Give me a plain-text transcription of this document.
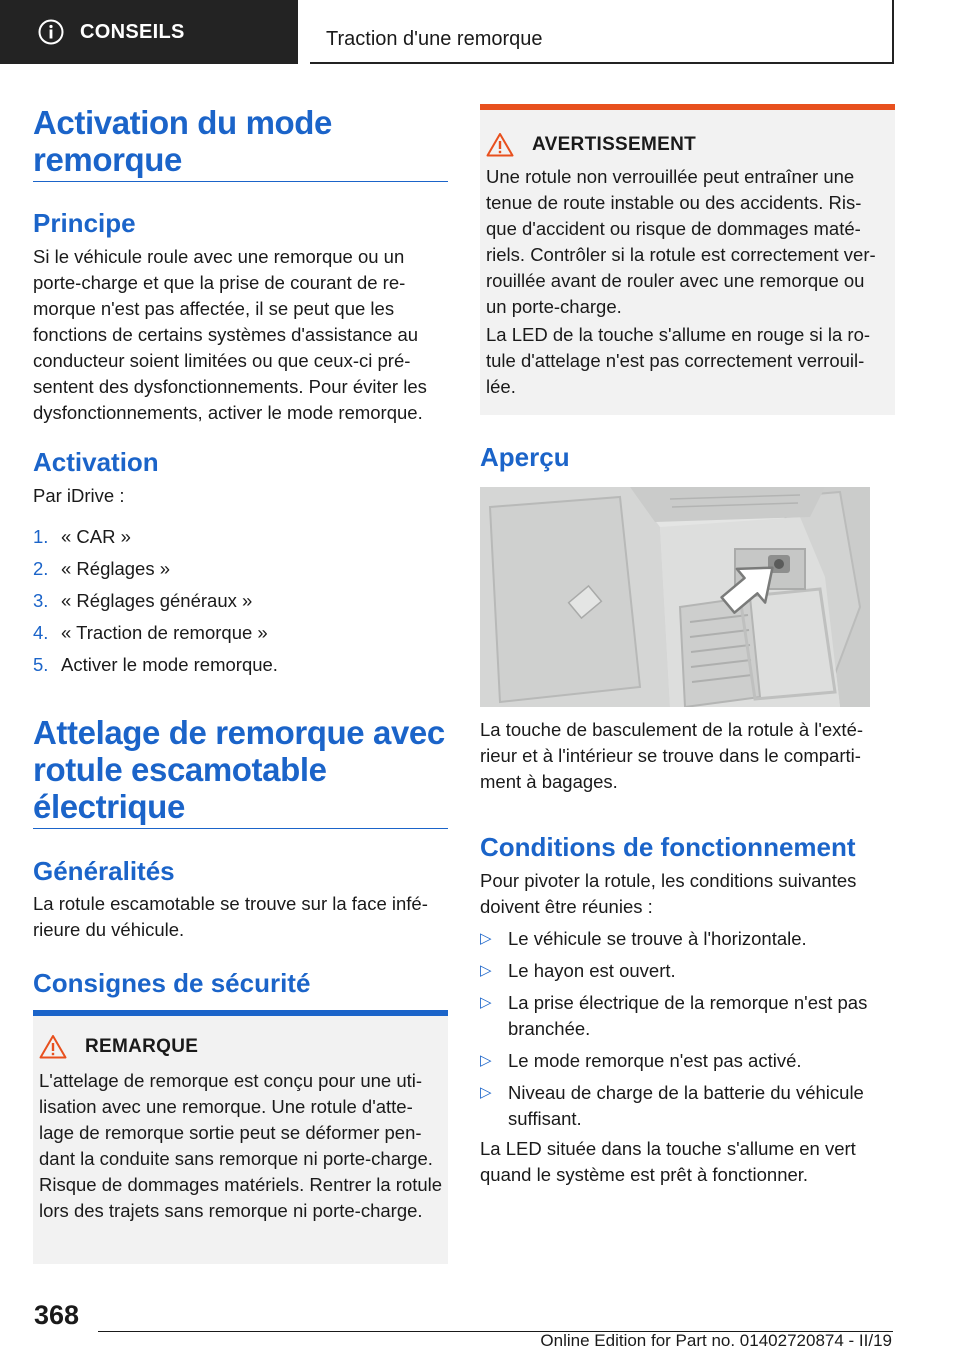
CONSEILS	Traction d'une remorque
Activation du mode remorque
Principe

Si le véhicule roule avec une remorque ou un porte-charge et que la prise de courant de re-morque n'est pas affectée, il se peut que les fonctions de certains systèmes d'assistance au conducteur soient limitées ou que ceux-ci pré-sentent des dysfonctionnements. Pour éviter les dysfonctionnements, activer le mode remorque.

Activation

Par iDrive :

1. « CAR »
2. « Réglages »
3. « Réglages généraux »
4. « Traction de remorque »
5. Activer le mode remorque.
Attelage de remorque avec rotule escamotable électrique
Généralités

La rotule escamotable se trouve sur la face infé-rieure du véhicule.

Consignes de sécurité
REMARQUE

L'attelage de remorque est conçu pour une uti-lisation avec une remorque. Une rotule d'atte-lage de remorque sortie peut se déformer pen-dant la conduite sans remorque ni porte-charge. Risque de dommages matériels. Rentrer la rotule lors des trajets sans remorque ni porte-charge.

AVERTISSEMENT

Une rotule non verrouillée peut entraîner une tenue de route instable ou des accidents. Ris-que d'accident ou risque de dommages maté-riels. Contrôler si la rotule est correctement ver-rouillée avant de rouler avec une remorque ou un porte-charge.

La LED de la touche s'allume en rouge si la ro-tule d'attelage n'est pas correctement verrouil-lée.

Aperçu

La touche de basculement de la rotule à l'exté-rieur et à l'intérieur se trouve dans le comparti-ment à bagages.

Conditions de fonctionnement

Pour pivoter la rotule, les conditions suivantes doivent être réunies :

▷ Le véhicule se trouve à l'horizontale.
▷ Le hayon est ouvert.
▷ La prise électrique de la remorque n'est pas branchée.
▷ Le mode remorque n'est pas activé.
▷ Niveau de charge de la batterie du véhicule suffisant.

La LED située dans la touche s'allume en vert quand le système est prêt à fonctionner.

368
Online Edition for Part no. 01402720874 - II/19
